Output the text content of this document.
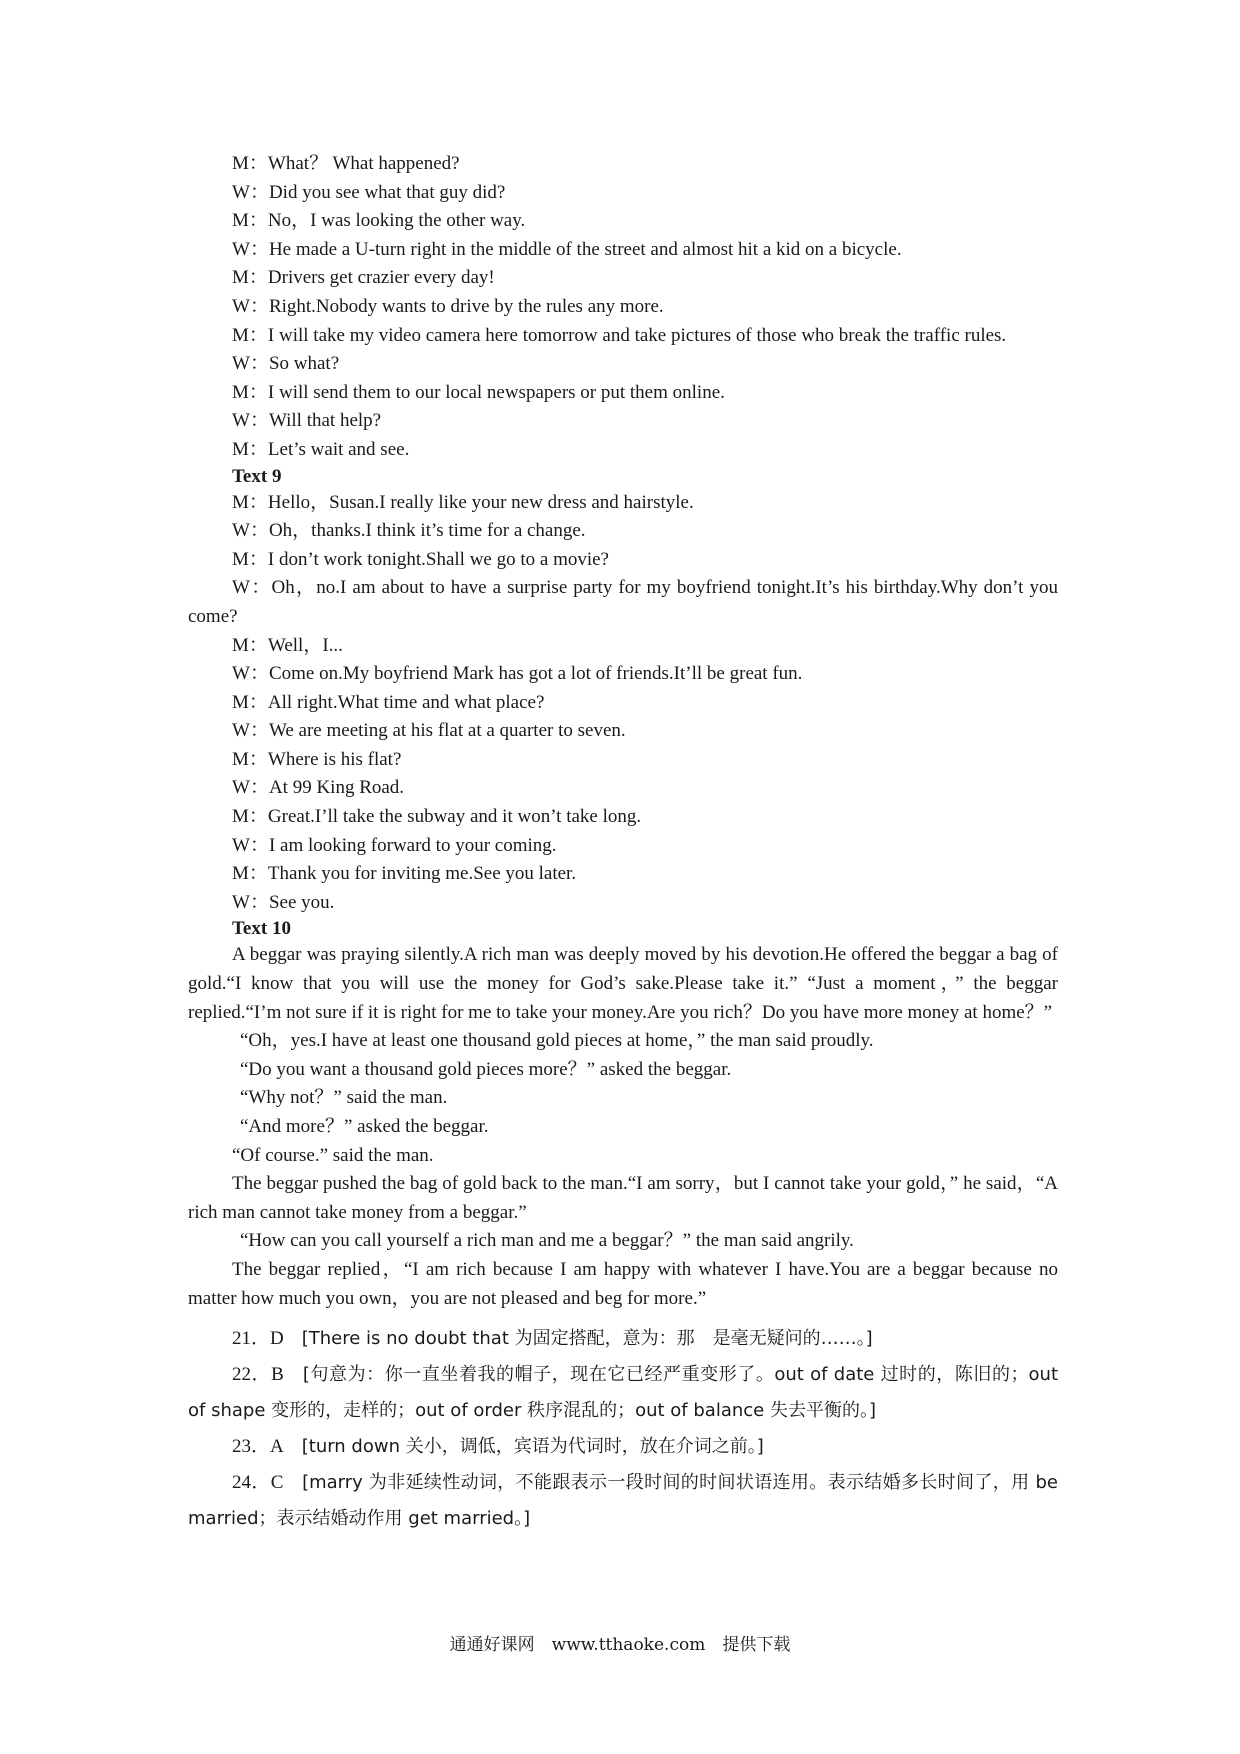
M：What？ What happened?

W：Did you see what that guy did?

M：No，I was looking the other way.

W：He made a U-turn right in the middle of the street and almost hit a kid on a bicycle.

M：Drivers get crazier every day!

W：Right.Nobody wants to drive by the rules any more.

M：I will take my video camera here tomorrow and take pictures of those who break the traffic rules.

W：So what?

M：I will send them to our local newspapers or put them online.

W：Will that help?

M：Let’s wait and see.

Text 9

M：Hello，Susan.I really like your new dress and hairstyle.

W：Oh，thanks.I think it’s time for a change.

M：I don’t work tonight.Shall we go to a movie?

W：Oh，no.I am about to have a surprise party for my boyfriend tonight.It’s his birthday.Why don’t you come?

M：Well，I...

W：Come on.My boyfriend Mark has got a lot of friends.It’ll be great fun.

M：All right.What time and what place?

W：We are meeting at his flat at a quarter to seven.

M：Where is his flat?

W：At 99 King Road.

M：Great.I’ll take the subway and it won’t take long.

W：I am looking forward to your coming.

M：Thank you for inviting me.See you later.

W：See you.

Text 10

A beggar was praying silently.A rich man was deeply moved by his devotion.He offered the beggar a bag of gold.“I know that you will use the money for God’s sake.Please take it.” “Just a moment，” the beggar replied.“I’m not sure if it is right for me to take your money.Are you rich？Do you have more money at home？”

“Oh，yes.I have at least one thousand gold pieces at home，” the man said proudly.

“Do you want a thousand gold pieces more？” asked the beggar.

“Why not？” said the man.

“And more？” asked the beggar.

“Of course.” said the man.

The beggar pushed the bag of gold back to the man.“I am sorry，but I cannot take your gold，” he said，“A rich man cannot take money from a beggar.”

“How can you call yourself a rich man and me a beggar？” the man said angrily.

The beggar replied，“I am rich because I am happy with whatever I have.You are a beggar because no matter how much you own，you are not pleased and beg for more.”

21．D　 [There is no doubt that 为固定搭配，意为：那　是毫无疑问的……。]

22．B　 [句意为：你一直坐着我的帽子，现在它已经严重变形了。out of date 过时的，陈旧的；out of shape 变形的，走样的；out of order 秩序混乱的；out of balance 失去平衡的。]

23．A　 [turn down 关小，调低，宾语为代词时，放在介词之前。]

24．C　 [marry 为非延续性动词，不能跟表示一段时间的时间状语连用。表示结婚多长时间了，用 be married；表示结婚动作用 get married。]

通通好课网　www.tthaoke.com　提供下载
